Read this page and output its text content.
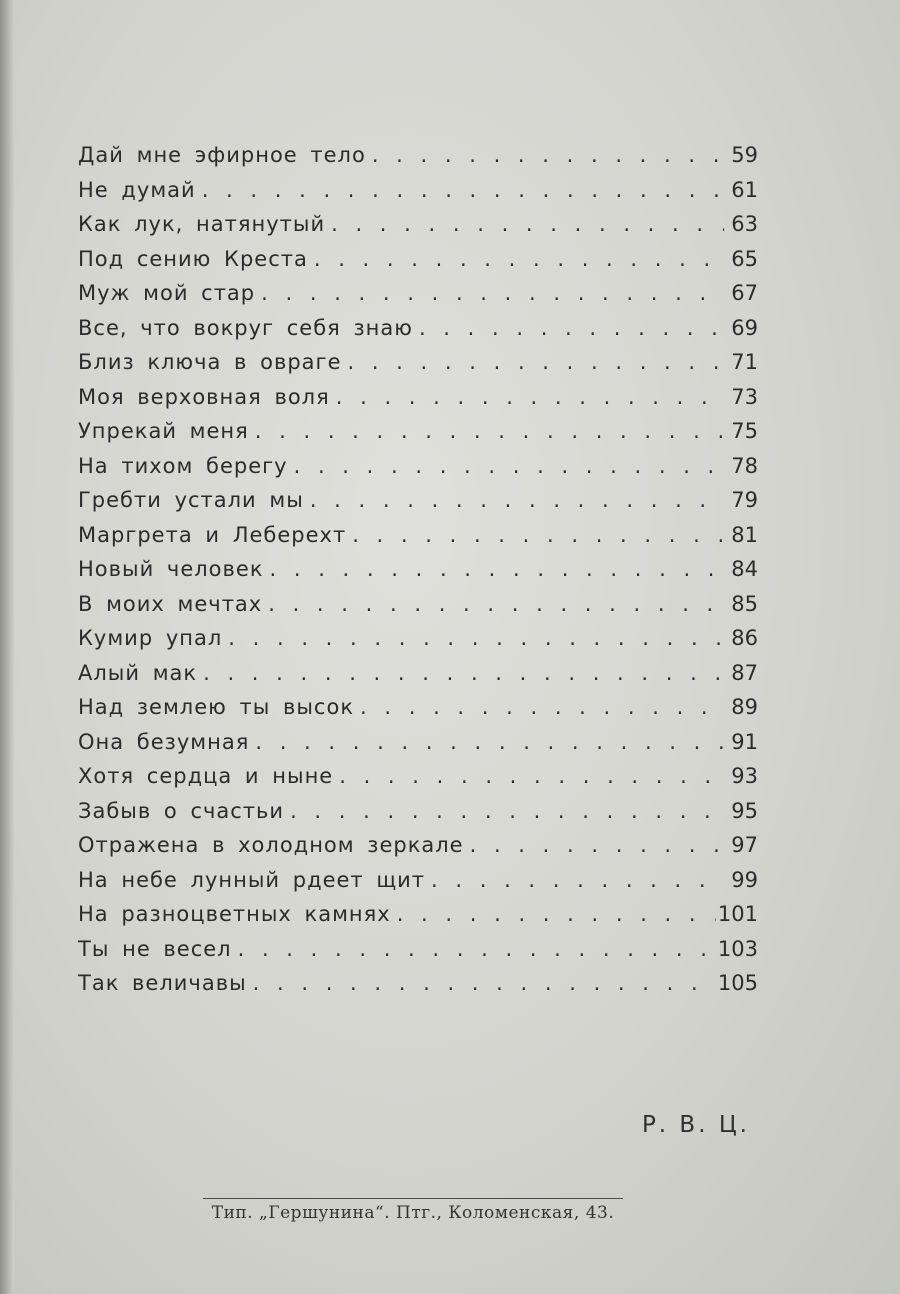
Дай мне эфирное тело . . .	59
Не думай . . .	61
Как лук, натянутый . . .	63
Под сению Креста . . .	65
Муж мой стар . . .	67
Все, что вокруг себя знаю . . .	69
Близ ключа в овраге . . .	71
Моя верховная воля . . .	73
Упрекай меня . . .	75
На тихом берегу . . .	78
Гребти устали мы . . .	79
Маргрета и Леберехт . . .	81
Новый человек . . .	84
В моих мечтах . . .	85
Кумир упал . . .	86
Алый мак . . .	87
Над землею ты высок . . .	89
Она безумная . . .	91
Хотя сердца и ныне . . .	93
Забыв о счастьи . . .	95
Отражена в холодном зеркале . . .	97
На небе лунный рдеет щит . . .	99
На разноцветных камнях . . .	101
Ты не весел . . .	103
Так величавы . . .	105
Р. В. Ц.
Тип. „Гершунина“. Птг., Коломенская, 43.
